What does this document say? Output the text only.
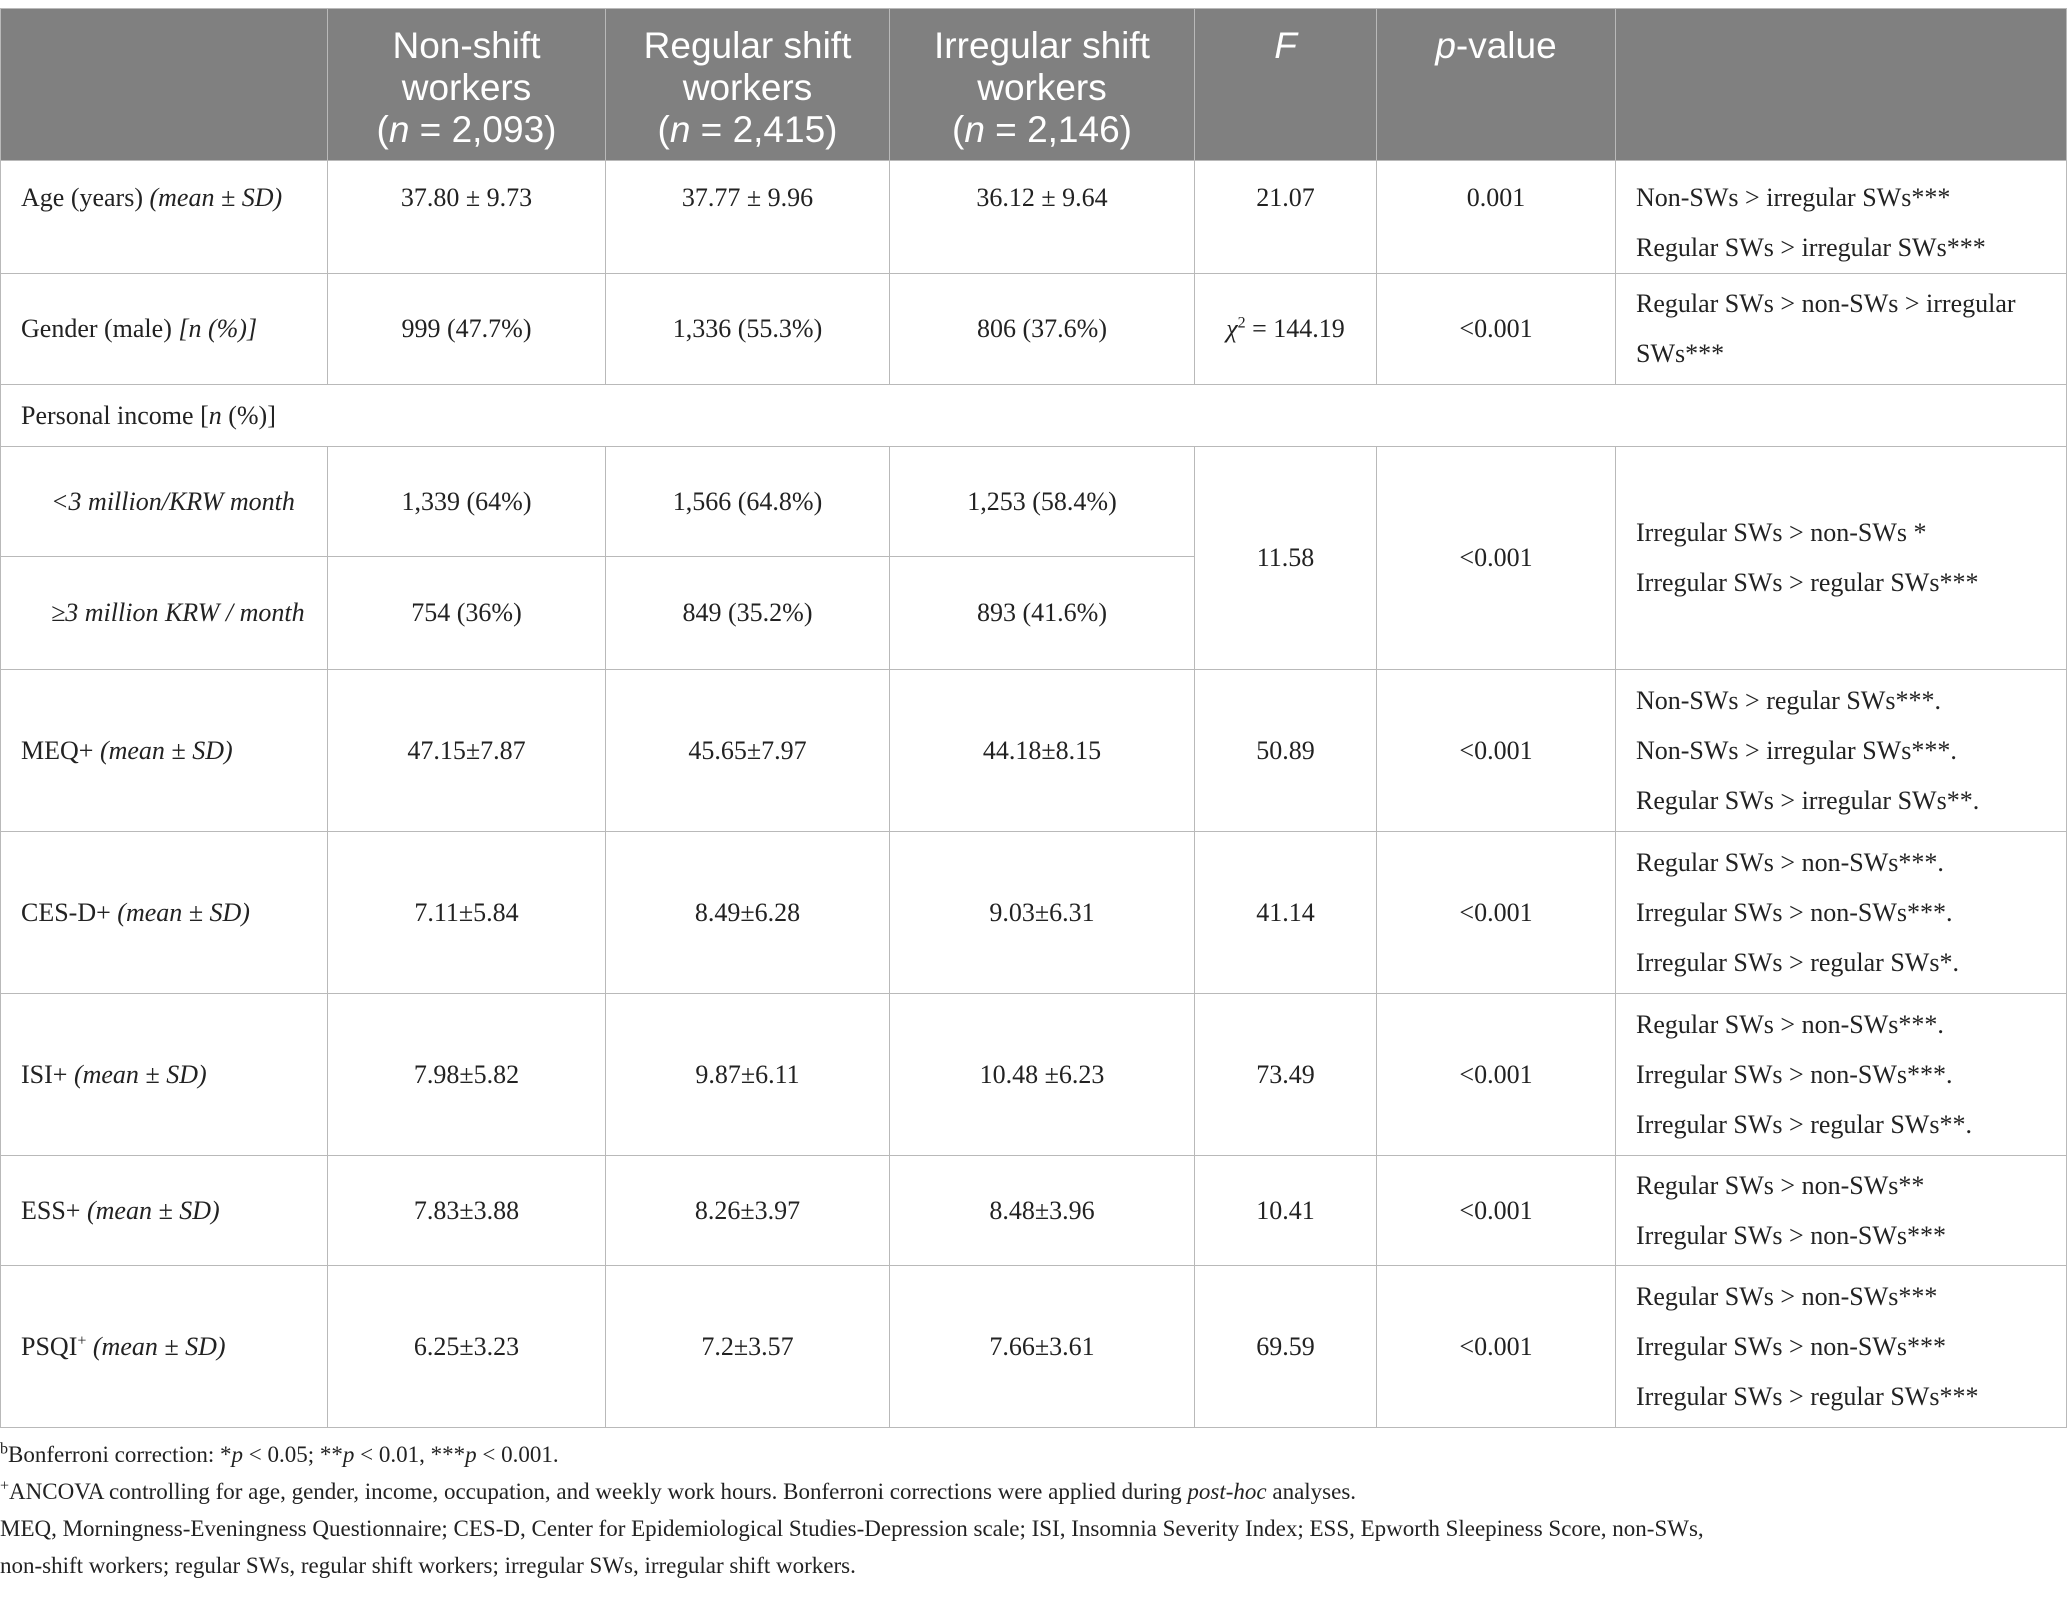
	Non-shift
workers
(n = 2,093)	Regular shift
workers
(n = 2,415)	Irregular shift
workers
(n = 2,146)	F	p-value	
Age (years) (mean ± SD)	37.80 ± 9.73	37.77 ± 9.96	36.12 ± 9.64	21.07	0.001	Non-SWs > irregular SWs***
Regular SWs > irregular SWs***

Gender (male) [n (%)]	999 (47.7%)	1,336 (55.3%)	806 (37.6%)	$\chi^2 = 144.19$	<0.001	Regular SWs > non-SWs > irregular
SWs***

Personal income [n (%)]						
<3 million/KRW month	1,339 (64%)	1,566 (64.8%)	1,253 (58.4%)	11.58	<0.001	Irregular SWs > non-SWs *
Irregular SWs > regular SWs***

≥3 million KRW / month	754 (36%)	849 (35.2%)	893 (41.6%)			
MEQ+ (mean ± SD)	47.15±7.87	45.65±7.97	44.18±8.15	50.89	<0.001	Non-SWs > regular SWs***.
Non-SWs > irregular SWs***.
Regular SWs > irregular SWs**.

CES-D+ (mean ± SD)	7.11±5.84	8.49±6.28	9.03±6.31	41.14	<0.001	Regular SWs > non-SWs***.
Irregular SWs > non-SWs***.
Irregular SWs > regular SWs*.

ISI+ (mean ± SD)	7.98±5.82	9.87±6.11	10.48 ±6.23	73.49	<0.001	Regular SWs > non-SWs***.
Irregular SWs > non-SWs***.
Irregular SWs > regular SWs**.

ESS+ (mean ± SD)	7.83±3.88	8.26±3.97	8.48±3.96	10.41	<0.001	Regular SWs > non-SWs**
Irregular SWs > non-SWs***

PSQI+ (mean ± SD)	6.25±3.23	7.2±3.57	7.66±3.61	69.59	<0.001	Regular SWs > non-SWs***
Irregular SWs > non-SWs***
Irregular SWs > regular SWs***

$^b$Bonferroni correction: *p < 0.05; **p < 0.01, ***p < 0.001.

+ANCOVA controlling for age, gender, income, occupation, and weekly work hours. Bonferroni corrections were applied during post-hoc analyses.

MEQ, Morningness-Eveningness Questionnaire; CES-D, Center for Epidemiological Studies-Depression scale; ISI, Insomnia Severity Index; ESS, Epworth Sleepiness Score, non-SWs,
non-shift workers; regular SWs, regular shift workers; irregular SWs, irregular shift workers.
